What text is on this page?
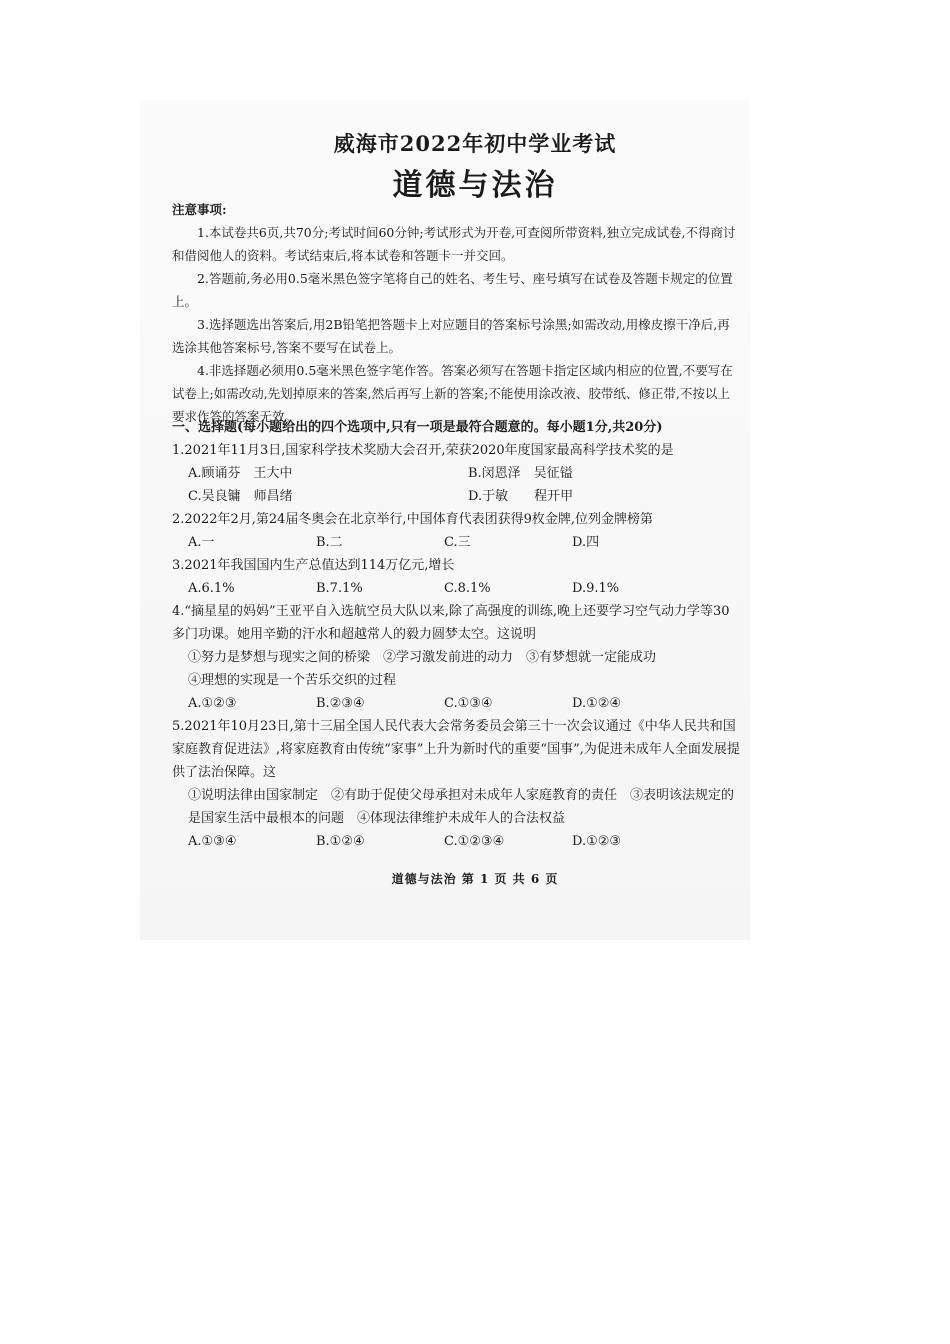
威海市2022年初中学业考试
道德与法治

注意事项:

1.本试卷共6页,共70分;考试时间60分钟;考试形式为开卷,可查阅所带资料,独立完成试卷,不得商讨和借阅他人的资料。考试结束后,将本试卷和答题卡一并交回。

2.答题前,务必用0.5毫米黑色签字笔将自己的姓名、考生号、座号填写在试卷及答题卡规定的位置上。

3.选择题选出答案后,用2B铅笔把答题卡上对应题目的答案标号涂黑;如需改动,用橡皮擦干净后,再选涂其他答案标号,答案不要写在试卷上。

4.非选择题必须用0.5毫米黑色签字笔作答。答案必须写在答题卡指定区域内相应的位置,不要写在试卷上;如需改动,先划掉原来的答案,然后再写上新的答案;不能使用涂改液、胶带纸、修正带,不按以上要求作答的答案无效。

一、选择题(每小题给出的四个选项中,只有一项是最符合题意的。每小题1分,共20分)

1.2021年11月3日,国家科学技术奖励大会召开,荣获2020年度国家最高科学技术奖的是

A.顾诵芬　王大中	B.闵恩泽　吴征镒
C.吴良镛　师昌绪	D.于敏　　程开甲

2.2022年2月,第24届冬奥会在北京举行,中国体育代表团获得9枚金牌,位列金牌榜第

A.一	B.二	C.三	D.四

3.2021年我国国内生产总值达到114万亿元,增长

A.6.1%	B.7.1%	C.8.1%	D.9.1%

4.“摘星星的妈妈”王亚平自入选航空员大队以来,除了高强度的训练,晚上还要学习空气动力学等30多门功课。她用辛勤的汗水和超越常人的毅力圆梦太空。这说明

①努力是梦想与现实之间的桥梁　②学习激发前进的动力　③有梦想就一定能成功

④理想的实现是一个苦乐交织的过程

A.①②③	B.②③④	C.①③④	D.①②④

5.2021年10月23日,第十三届全国人民代表大会常务委员会第三十一次会议通过《中华人民共和国家庭教育促进法》,将家庭教育由传统“家事”上升为新时代的重要“国事”,为促进未成年人全面发展提供了法治保障。这

①说明法律由国家制定　②有助于促使父母承担对未成年人家庭教育的责任　③表明该法规定的是国家生活中最根本的问题　④体现法律维护未成年人的合法权益

A.①③④	B.①②④	C.①②③④	D.①②③
道德与法治 第 1 页 共 6 页
